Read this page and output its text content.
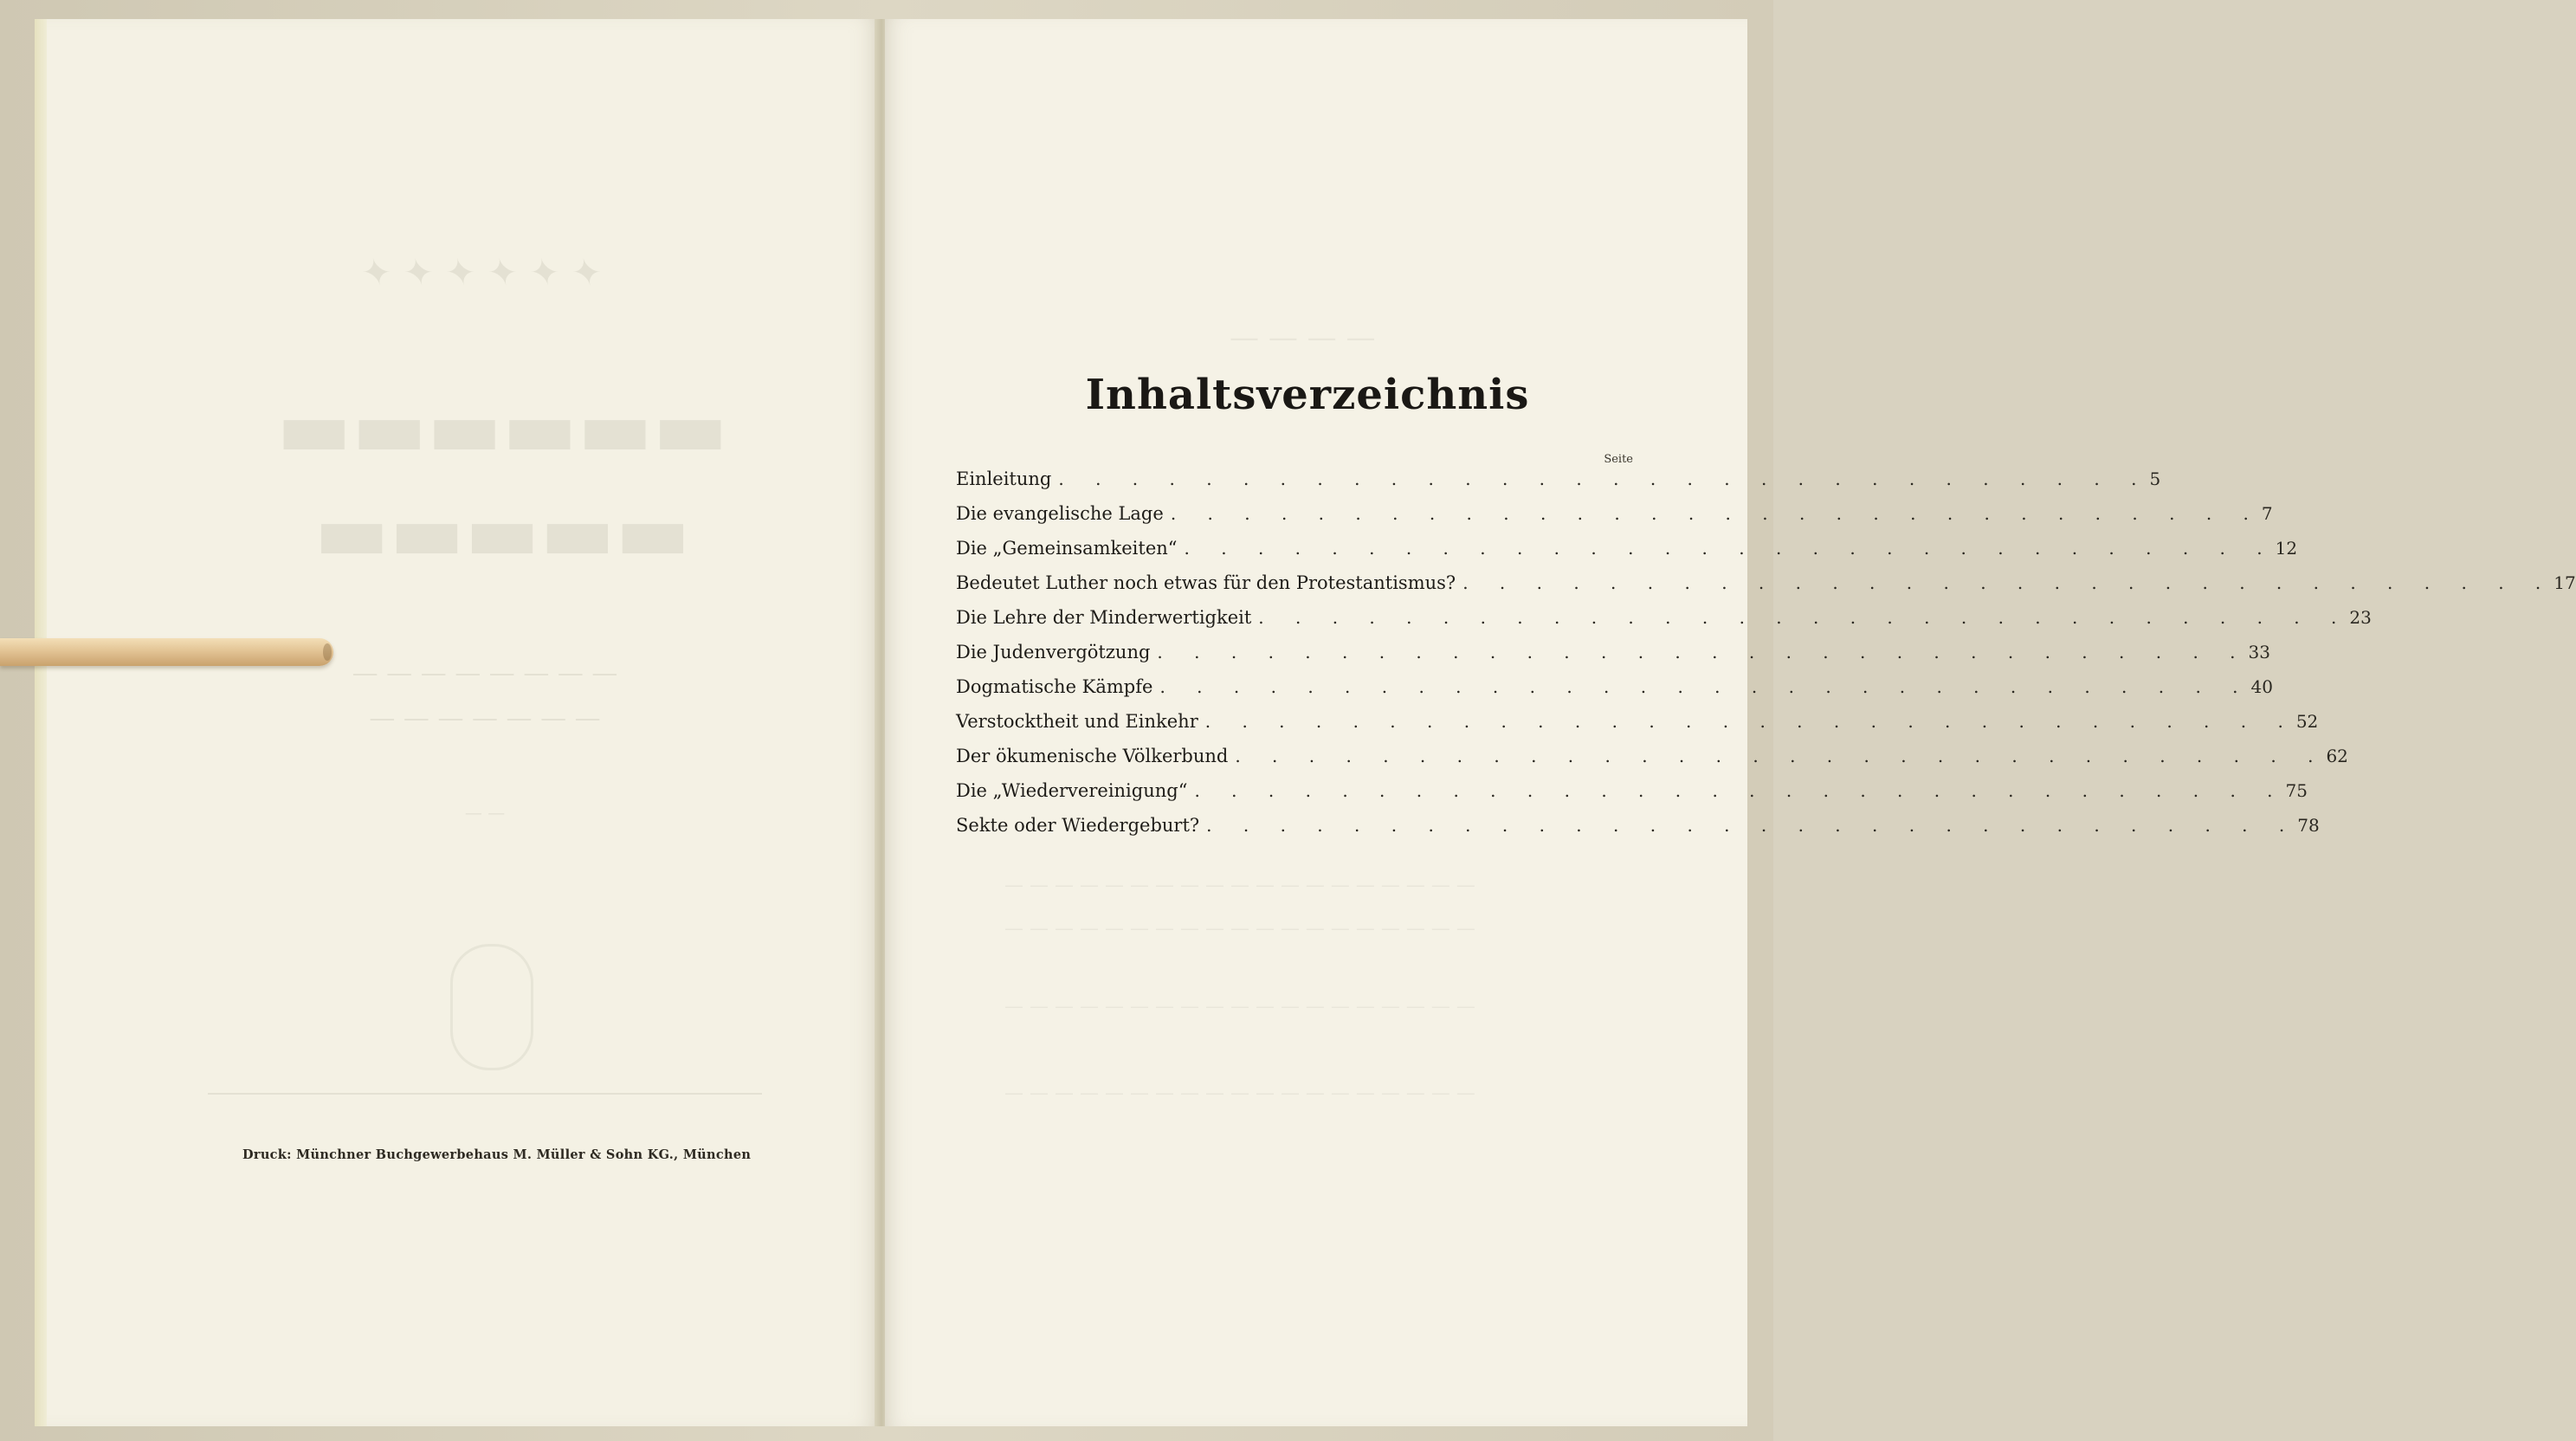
✦ ✦ ✦ ✦ ✦ ✦
▬▬▬▬▬▬
▬▬▬▬▬
— — — — — — — —
— — — — — — —
— —
Druck: Münchner Buchgewerbehaus M. Müller & Sohn KG., München
Inhaltsverzeichnis
Seite
Einleitung . . . . . . . . . . . . . . . . . . . . . . . . . . . . . . 5
Die evangelische Lage . . . . . . . . . . . . . . . . . . . . . . . . . . . . . . 7
Die „Gemeinsamkeiten“ . . . . . . . . . . . . . . . . . . . . . . . . . . . . . . 12
Bedeutet Luther noch etwas für den Protestantismus? . . . . . . . . . . . . . . . . . . . . . . . . . . . . . . 17
Die Lehre der Minderwertigkeit . . . . . . . . . . . . . . . . . . . . . . . . . . . . . . 23
Die Judenvergötzung . . . . . . . . . . . . . . . . . . . . . . . . . . . . . . 33
Dogmatische Kämpfe . . . . . . . . . . . . . . . . . . . . . . . . . . . . . . 40
Verstocktheit und Einkehr . . . . . . . . . . . . . . . . . . . . . . . . . . . . . . 52
Der ökumenische Völkerbund . . . . . . . . . . . . . . . . . . . . . . . . . . . . . . 62
Die „Wiedervereinigung“ . . . . . . . . . . . . . . . . . . . . . . . . . . . . . . 75
Sekte oder Wiedergeburt? . . . . . . . . . . . . . . . . . . . . . . . . . . . . . . 78
— — — —
— — — — — — — — — — — — — — — — — — —
— — — — — — — — — — — — — — — — — — —
— — — — — — — — — — — — — — — — — — —
— — — — — — — — — — — — — — — — — — —
